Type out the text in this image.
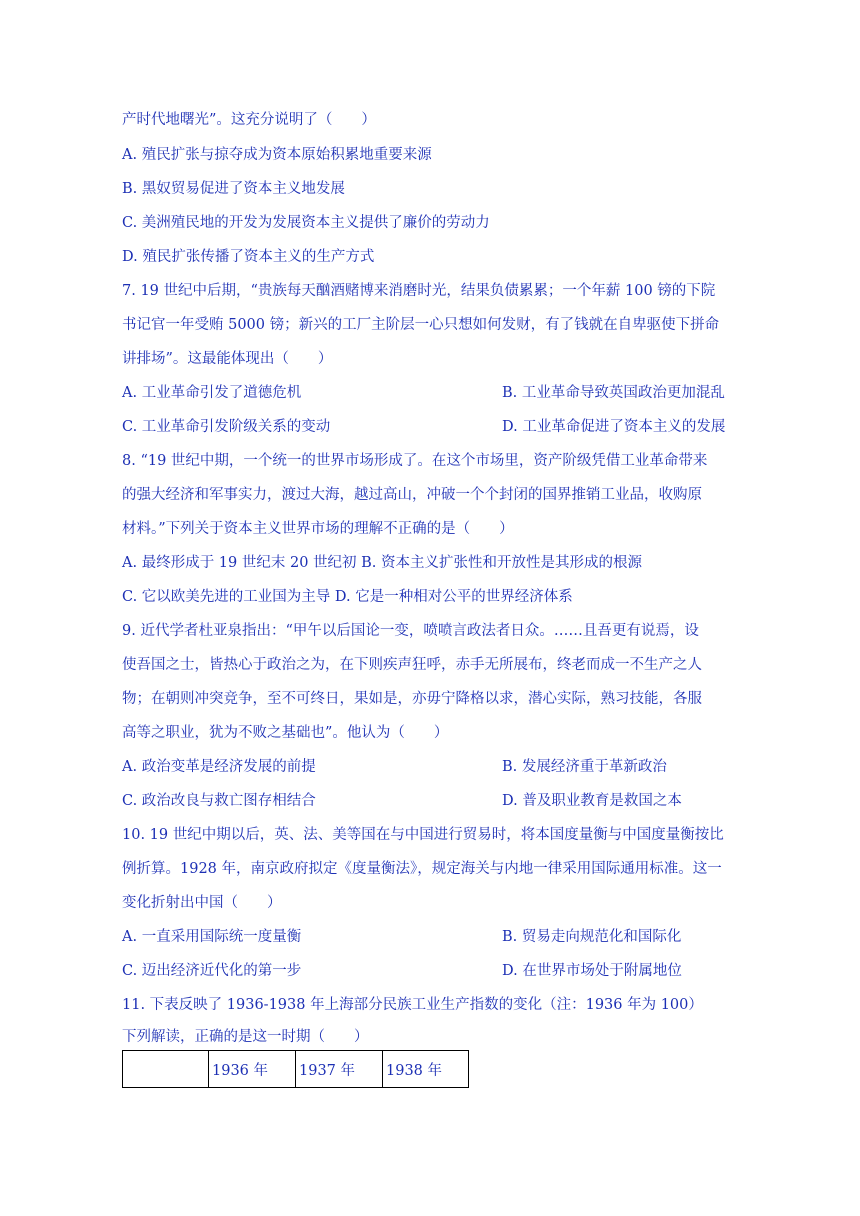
产时代地曙光”。这充分说明了（　　）
A. 殖民扩张与掠夺成为资本原始积累地重要来源
B. 黑奴贸易促进了资本主义地发展
C. 美洲殖民地的开发为发展资本主义提供了廉价的劳动力
D. 殖民扩张传播了资本主义的生产方式
7. 19 世纪中后期，“贵族每天酗酒赌博来消磨时光，结果负债累累；一个年薪 100 镑的下院
书记官一年受贿 5000 镑；新兴的工厂主阶层一心只想如何发财，有了钱就在自卑驱使下拼命
讲排场”。这最能体现出（　　）
A. 工业革命引发了道德危机	B. 工业革命导致英国政治更加混乱
C. 工业革命引发阶级关系的变动	D. 工业革命促进了资本主义的发展
8. “19 世纪中期，一个统一的世界市场形成了。在这个市场里，资产阶级凭借工业革命带来
的强大经济和军事实力，渡过大海，越过高山，冲破一个个封闭的国界推销工业品，收购原
材料。”下列关于资本主义世界市场的理解不正确的是（　　）
A. 最终形成于 19 世纪末 20 世纪初 B. 资本主义扩张性和开放性是其形成的根源
C. 它以欧美先进的工业国为主导 D. 它是一种相对公平的世界经济体系
9. 近代学者杜亚泉指出：“甲午以后国论一变，喷喷言政法者日众。……且吾更有说焉，设
使吾国之士，皆热心于政治之为，在下则疾声狂呼，赤手无所展布，终老而成一不生产之人
物；在朝则冲突竞争，至不可终日，果如是，亦毋宁降格以求，潜心实际，熟习技能，各服
高等之职业，犹为不败之基础也”。他认为（　　）
A. 政治变革是经济发展的前提	B. 发展经济重于革新政治
C. 政治改良与救亡图存相结合	D. 普及职业教育是救国之本
10. 19 世纪中期以后，英、法、美等国在与中国进行贸易时，将本国度量衡与中国度量衡按比
例折算。1928 年，南京政府拟定《度量衡法》，规定海关与内地一律采用国际通用标准。这一
变化折射出中国（　　）
A. 一直采用国际统一度量衡	B. 贸易走向规范化和国际化
C. 迈出经济近代化的第一步	D. 在世界市场处于附属地位
11. 下表反映了 1936-1938 年上海部分民族工业生产指数的变化（注：1936 年为 100）
下列解读，正确的是这一时期（　　）
	1936 年	1937 年	1938 年
